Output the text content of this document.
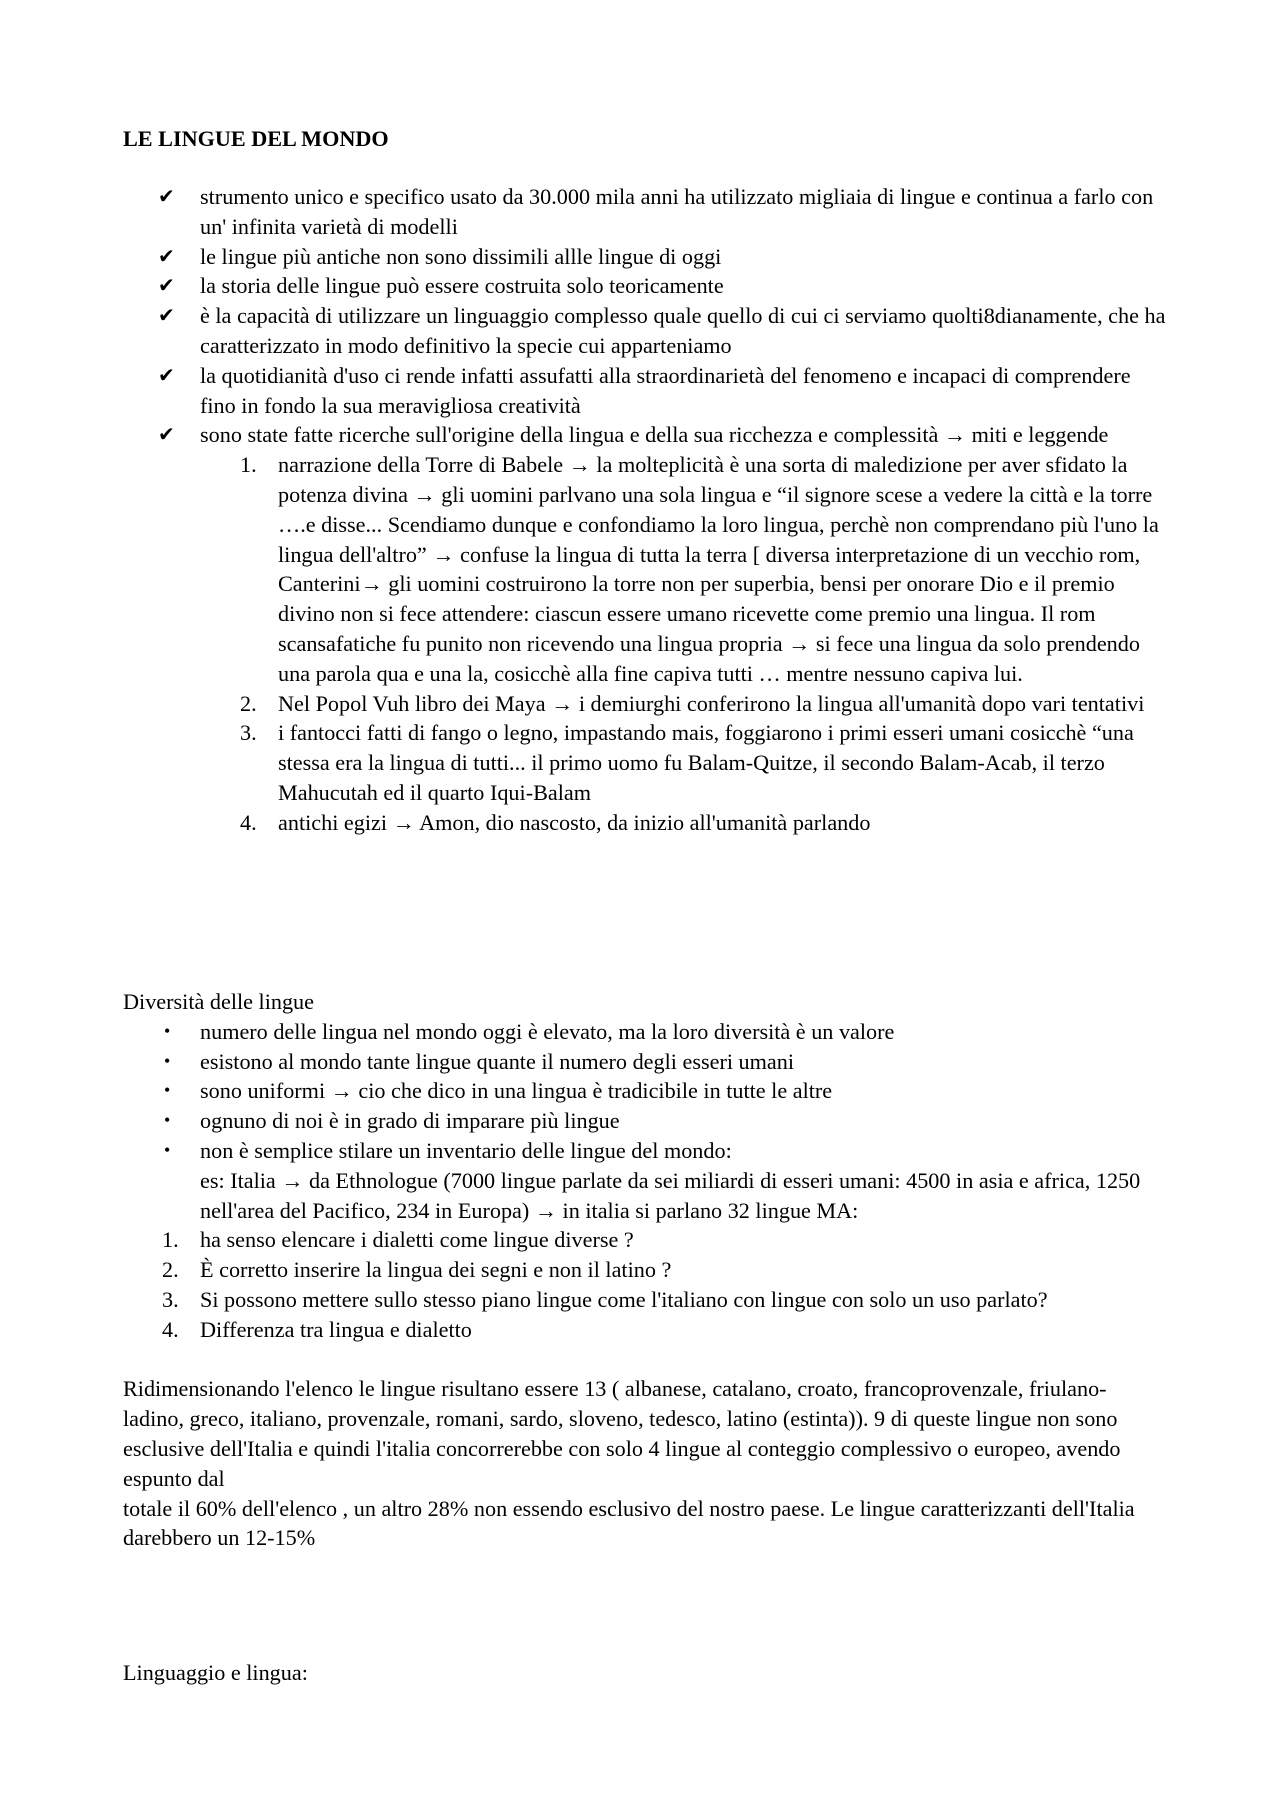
LE LINGUE DEL MONDO
✔ strumento unico e specifico usato da 30.000 mila anni ha utilizzato migliaia di lingue e continua a farlo con un' infinita varietà di modelli
✔ le lingue più antiche non sono dissimili allle lingue di oggi
✔ la storia delle lingue può essere costruita solo teoricamente
✔ è la capacità di utilizzare un linguaggio complesso quale quello di cui ci serviamo quolti8dianamente, che ha caratterizzato in modo definitivo la specie cui apparteniamo
✔ la quotidianità d'uso ci rende infatti assufatti alla straordinarietà del fenomeno e incapaci di comprendere fino in fondo la sua meravigliosa creatività
✔ sono state fatte ricerche sull'origine della lingua e della sua ricchezza e complessità → miti e leggende
1. narrazione della Torre di Babele → la molteplicità è una sorta di maledizione per aver sfidato la potenza divina → gli uomini parlvano una sola lingua e “il signore scese a vedere la città e la torre ….e disse... Scendiamo dunque e confondiamo la loro lingua, perchè non comprendano più l'uno la lingua dell'altro” → confuse la lingua di tutta la terra [ diversa interpretazione di un vecchio rom, Canterini→ gli uomini costruirono la torre non per superbia, bensi per onorare Dio e il premio divino non si fece attendere: ciascun essere umano ricevette come premio una lingua. Il rom scansafatiche fu punito non ricevendo una lingua propria → si fece una lingua da solo prendendo una parola qua e una la, cosicchè alla fine capiva tutti … mentre nessuno capiva lui.
2. Nel Popol Vuh libro dei Maya → i demiurghi conferirono la lingua all'umanità dopo vari tentativi
3. i fantocci fatti di fango o legno, impastando mais, foggiarono i primi esseri umani cosicchè “una stessa era la lingua di tutti... il primo uomo fu Balam-Quitze, il secondo Balam-Acab, il terzo Mahucutah ed il quarto Iqui-Balam
4. antichi egizi → Amon, dio nascosto, da inizio all'umanità parlando

Diversità delle lingue

• numero delle lingua nel mondo oggi è elevato, ma la loro diversità è un valore
• esistono al mondo tante lingue quante il numero degli esseri umani
• sono uniformi → cio che dico in una lingua è tradicibile in tutte le altre
• ognuno di noi è in grado di imparare più lingue
• non è semplice stilare un inventario delle lingue del mondo:
es: Italia → da Ethnologue (7000 lingue parlate da sei miliardi di esseri umani: 4500 in asia e africa, 1250 nell'area del Pacifico, 234 in Europa) → in italia si parlano 32 lingue MA:
1. ha senso elencare i dialetti come lingue diverse ?
2. È corretto inserire la lingua dei segni e non il latino ?
3. Si possono mettere sullo stesso piano lingue come l'italiano con lingue con solo un uso parlato?
4. Differenza tra lingua e dialetto

Ridimensionando l'elenco le lingue risultano essere 13 ( albanese, catalano, croato, francoprovenzale, friulano-ladino, greco, italiano, provenzale, romani, sardo, sloveno, tedesco, latino (estinta)). 9 di queste lingue non sono esclusive dell'Italia e quindi l'italia concorrerebbe con solo 4 lingue al conteggio complessivo o europeo, avendo espunto dal
totale il 60% dell'elenco , un altro 28% non essendo esclusivo del nostro paese. Le lingue caratterizzanti dell'Italia darebbero un 12-15%

Linguaggio e lingua:
